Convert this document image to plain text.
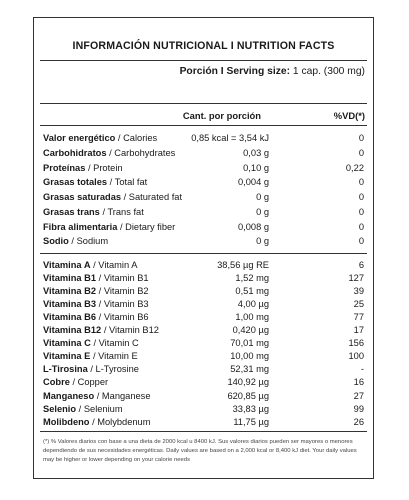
INFORMACIÓN NUTRICIONAL I NUTRITION FACTS
Porción I Serving size: 1 cap. (300 mg)
Cant. por porción	%VD(*)
Valor energético / Calories	0,85 kcal = 3,54 kJ	0
Carbohidratos / Carbohydrates	0,03 g	0
Proteínas / Protein	0,10 g	0,22
Grasas totales / Total fat	0,004 g	0
Grasas saturadas / Saturated fat	0 g	0
Grasas trans / Trans fat	0 g	0
Fibra alimentaria / Dietary fiber	0,008 g	0
Sodio / Sodium	0 g	0
Vitamina A / Vitamin A	38,56 µg RE	6
Vitamina B1 / Vitamin B1	1,52 mg	127
Vitamina B2 / Vitamin B2	0,51 mg	39
Vitamina B3 / Vitamin B3	4,00 µg	25
Vitamina B6 / Vitamin B6	1,00 mg	77
Vitamina B12 / Vitamin B12	0,420 µg	17
Vitamina C / Vitamin C	70,01 mg	156
Vitamina E / Vitamin E	10,00 mg	100
L-Tirosina / L-Tyrosine	52,31 mg	-
Cobre / Copper	140,92 µg	16
Manganeso / Manganese	620,85 µg	27
Selenio / Selenium	33,83 µg	99
Molibdeno / Molybdenum	11,75 µg	26
(*) % Valores diarios con base a una dieta de 2000 kcal u 8400 kJ. Sus valores diarios pueden ser mayores o menores dependiendo de sus necesidades energéticas. Daily values are based on a 2,000 kcal or 8,400 kJ diet. Your daily values may be higher or lower depending on your calorie needs
